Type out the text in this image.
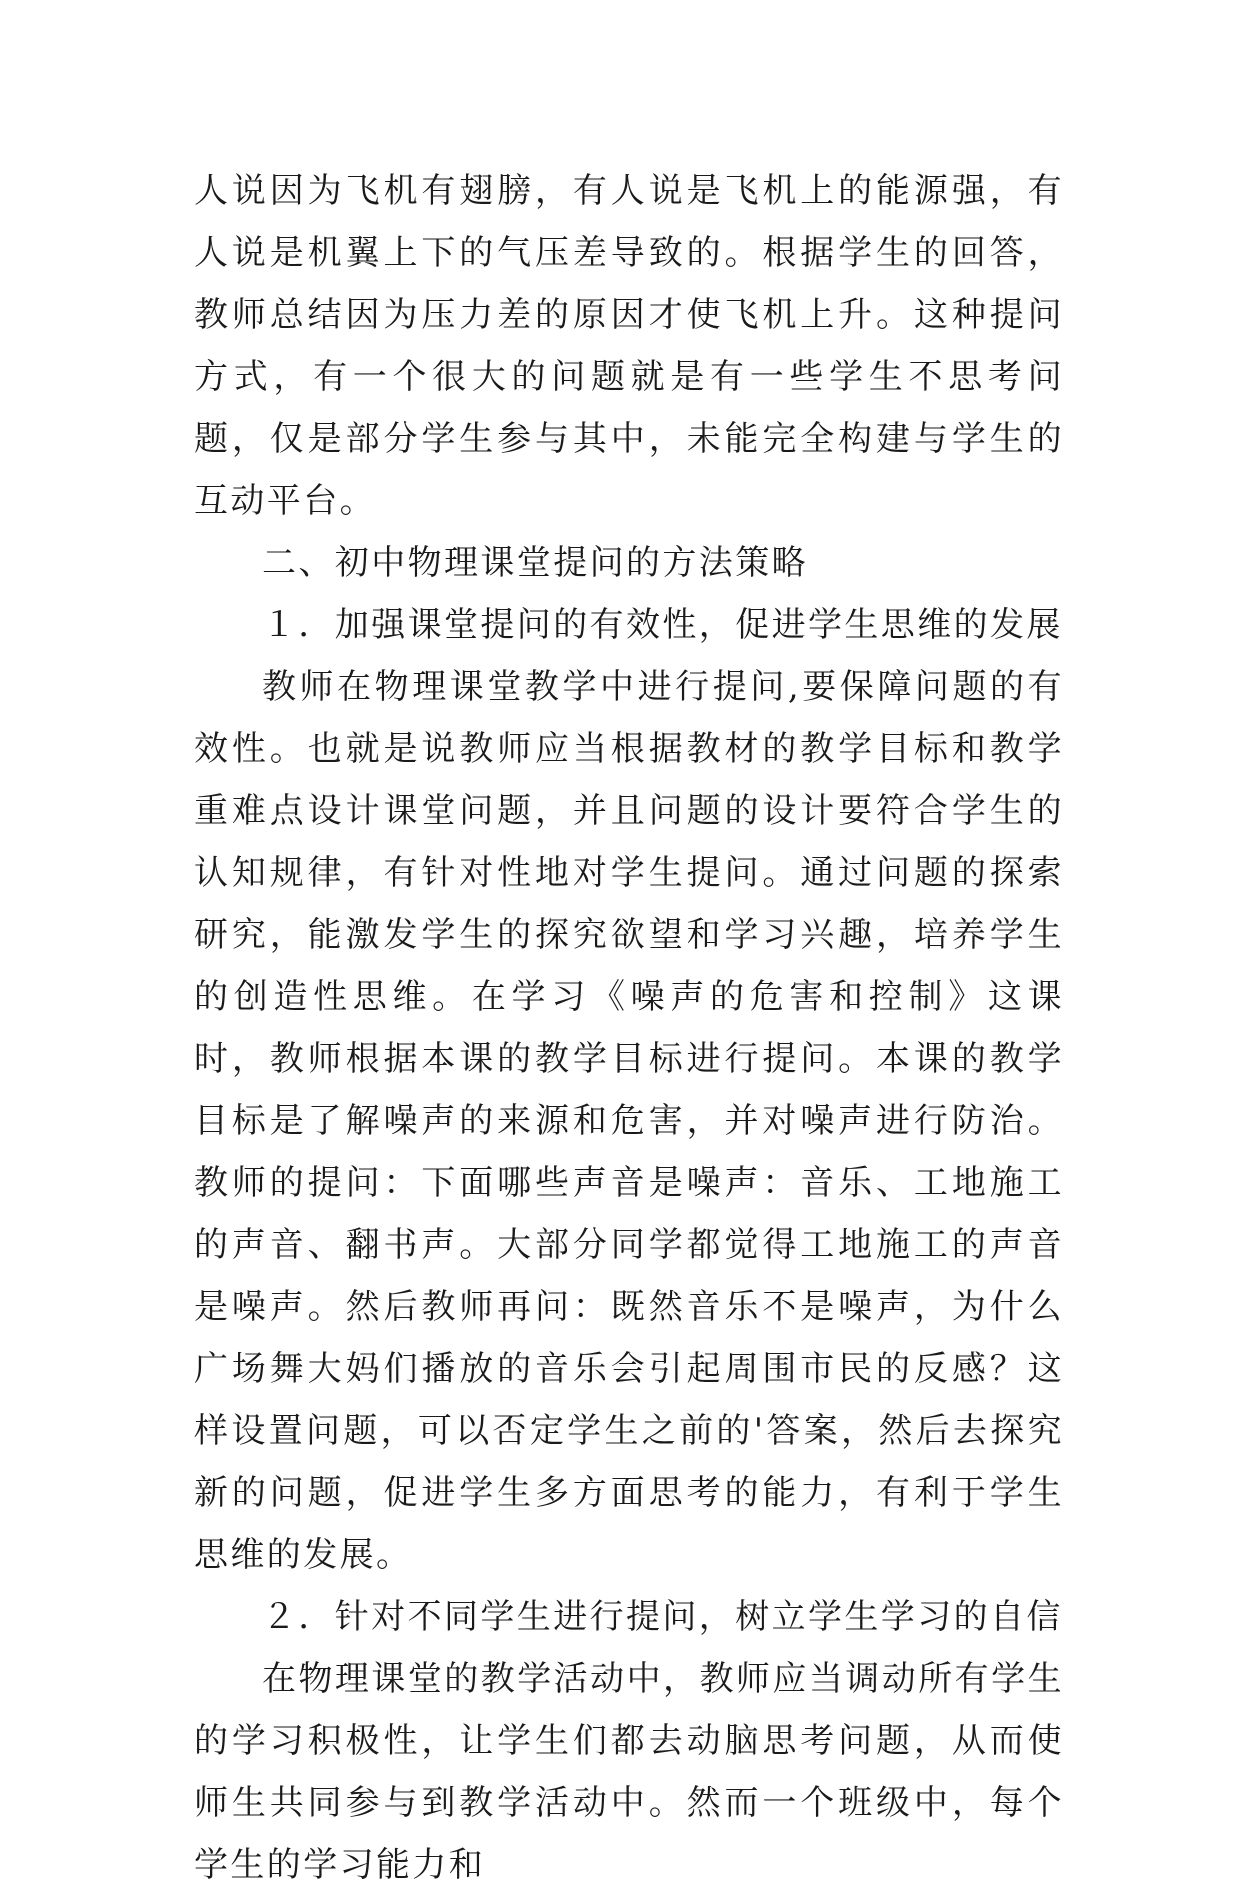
人说因为飞机有翅膀，有人说是飞机上的能源强，有人说是机翼上下的气压差导致的。根据学生的回答，教师总结因为压力差的原因才使飞机上升。这种提问方式，有一个很大的问题就是有一些学生不思考问题，仅是部分学生参与其中，未能完全构建与学生的互动平台。

二、初中物理课堂提问的方法策略

１．加强课堂提问的有效性，促进学生思维的发展

教师在物理课堂教学中进行提问,要保障问题的有效性。也就是说教师应当根据教材的教学目标和教学重难点设计课堂问题，并且问题的设计要符合学生的认知规律，有针对性地对学生提问。通过问题的探索研究，能激发学生的探究欲望和学习兴趣，培养学生的创造性思维。在学习《噪声的危害和控制》这课时，教师根据本课的教学目标进行提问。本课的教学目标是了解噪声的来源和危害，并对噪声进行防治。教师的提问：下面哪些声音是噪声：音乐、工地施工的声音、翻书声。大部分同学都觉得工地施工的声音是噪声。然后教师再问：既然音乐不是噪声，为什么广场舞大妈们播放的音乐会引起周围市民的反感？这样设置问题，可以否定学生之前的'答案，然后去探究新的问题，促进学生多方面思考的能力，有利于学生思维的发展。

２．针对不同学生进行提问，树立学生学习的自信

在物理课堂的教学活动中，教师应当调动所有学生的学习积极性，让学生们都去动脑思考问题，从而使师生共同参与到教学活动中。然而一个班级中，每个学生的学习能力和
